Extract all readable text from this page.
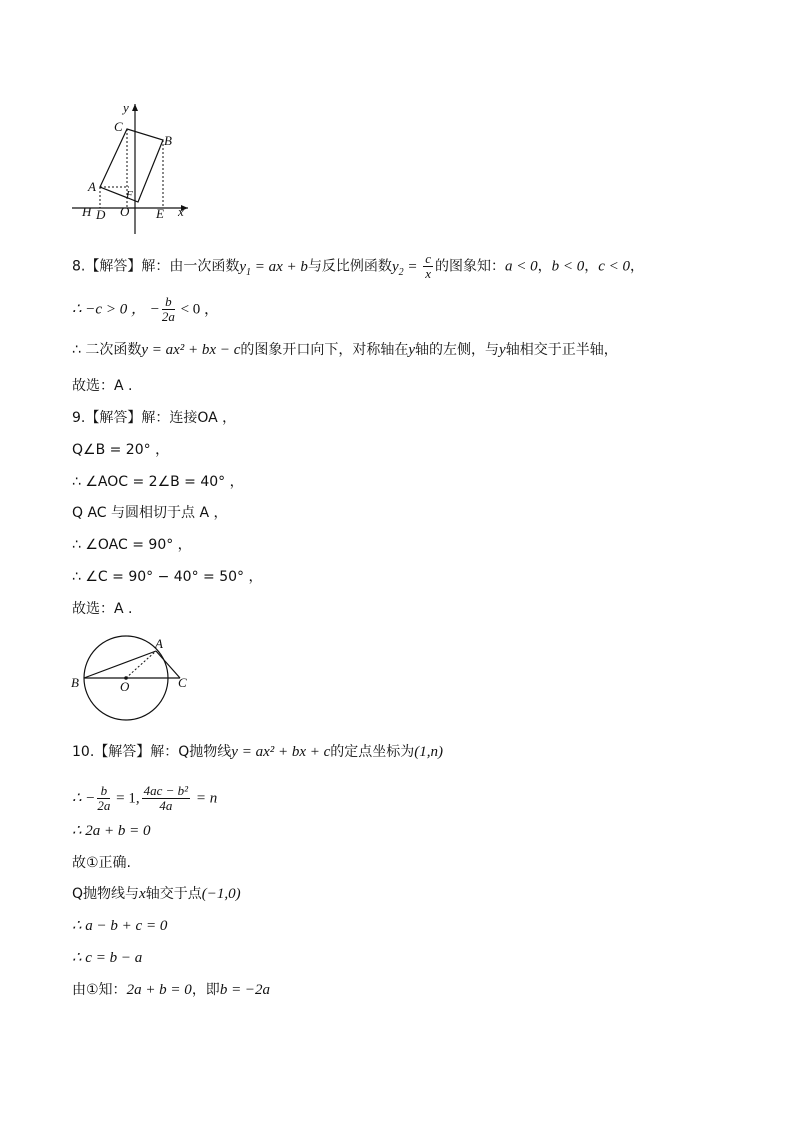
y
x
C
B
A
F
H D O E
8.【解答】解：由一次函数$y_1$ = ax + b与反比例函数$y_2 = \frac{c}{x}$ 的图象知：a < 0，b < 0，c < 0，
∴ −c > 0 ， − $\frac{b}{2a} < 0$ ，
∴ 二次函数y = ax² + bx − c的图象开口向下，对称轴在y轴的左侧，与y轴相交于正半轴，
故选：A .
9.【解答】解：连接OA ，
Q∠B = 20° ，
∴ ∠AOC = 2∠B = 40° ，
Q AC 与圆相切于点 A ，
∴ ∠OAC = 90° ，
∴ ∠C = 90° − 40° = 50° ，
故选：A .
A
B	O	C
10.【解答】解：Q抛物线y = ax² + bx + c的定点坐标为(1,n)
∴ − $\frac{b}{2a} = 1$, $\frac{\text{4ac − b²}}{4a} = n$
∴ 2a + b = 0
故①正确.
Q抛物线与x轴交于点(−1,0)
∴ a − b + c = 0
∴ c = b − a
由①知：2a + b = 0，即b = −2a
